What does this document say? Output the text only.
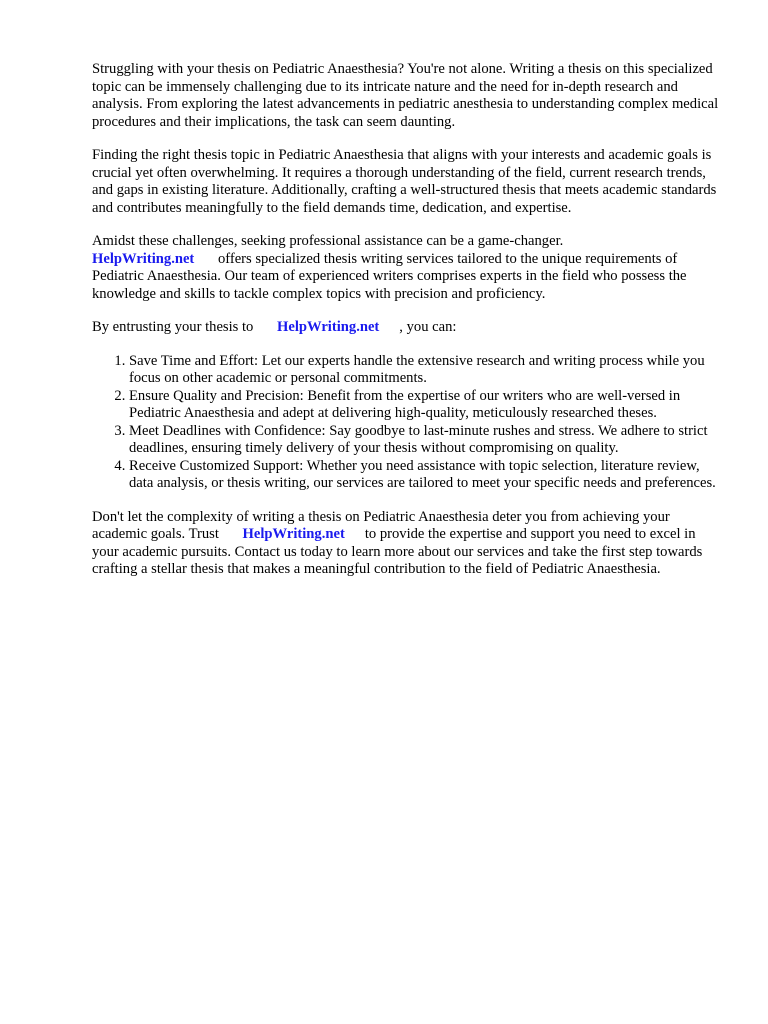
Struggling with your thesis on Pediatric Anaesthesia? You're not alone. Writing a thesis on this specialized topic can be immensely challenging due to its intricate nature and the need for in-depth research and analysis. From exploring the latest advancements in pediatric anesthesia to understanding complex medical procedures and their implications, the task can seem daunting.

Finding the right thesis topic in Pediatric Anaesthesia that aligns with your interests and academic goals is crucial yet often overwhelming. It requires a thorough understanding of the field, current research trends, and gaps in existing literature. Additionally, crafting a well-structured thesis that meets academic standards and contributes meaningfully to the field demands time, dedication, and expertise.

Amidst these challenges, seeking professional assistance can be a game-changer.
HelpWriting.net offers specialized thesis writing services tailored to the unique requirements of Pediatric Anaesthesia. Our team of experienced writers comprises experts in the field who possess the knowledge and skills to tackle complex topics with precision and proficiency.

By entrusting your thesis to HelpWriting.net , you can:

1. Save Time and Effort: Let our experts handle the extensive research and writing process while you focus on other academic or personal commitments.
2. Ensure Quality and Precision: Benefit from the expertise of our writers who are well-versed in Pediatric Anaesthesia and adept at delivering high-quality, meticulously researched theses.
3. Meet Deadlines with Confidence: Say goodbye to last-minute rushes and stress. We adhere to strict deadlines, ensuring timely delivery of your thesis without compromising on quality.
4. Receive Customized Support: Whether you need assistance with topic selection, literature review, data analysis, or thesis writing, our services are tailored to meet your specific needs and preferences.

Don't let the complexity of writing a thesis on Pediatric Anaesthesia deter you from achieving your academic goals. Trust HelpWriting.net to provide the expertise and support you need to excel in your academic pursuits. Contact us today to learn more about our services and take the first step towards crafting a stellar thesis that makes a meaningful contribution to the field of Pediatric Anaesthesia.
